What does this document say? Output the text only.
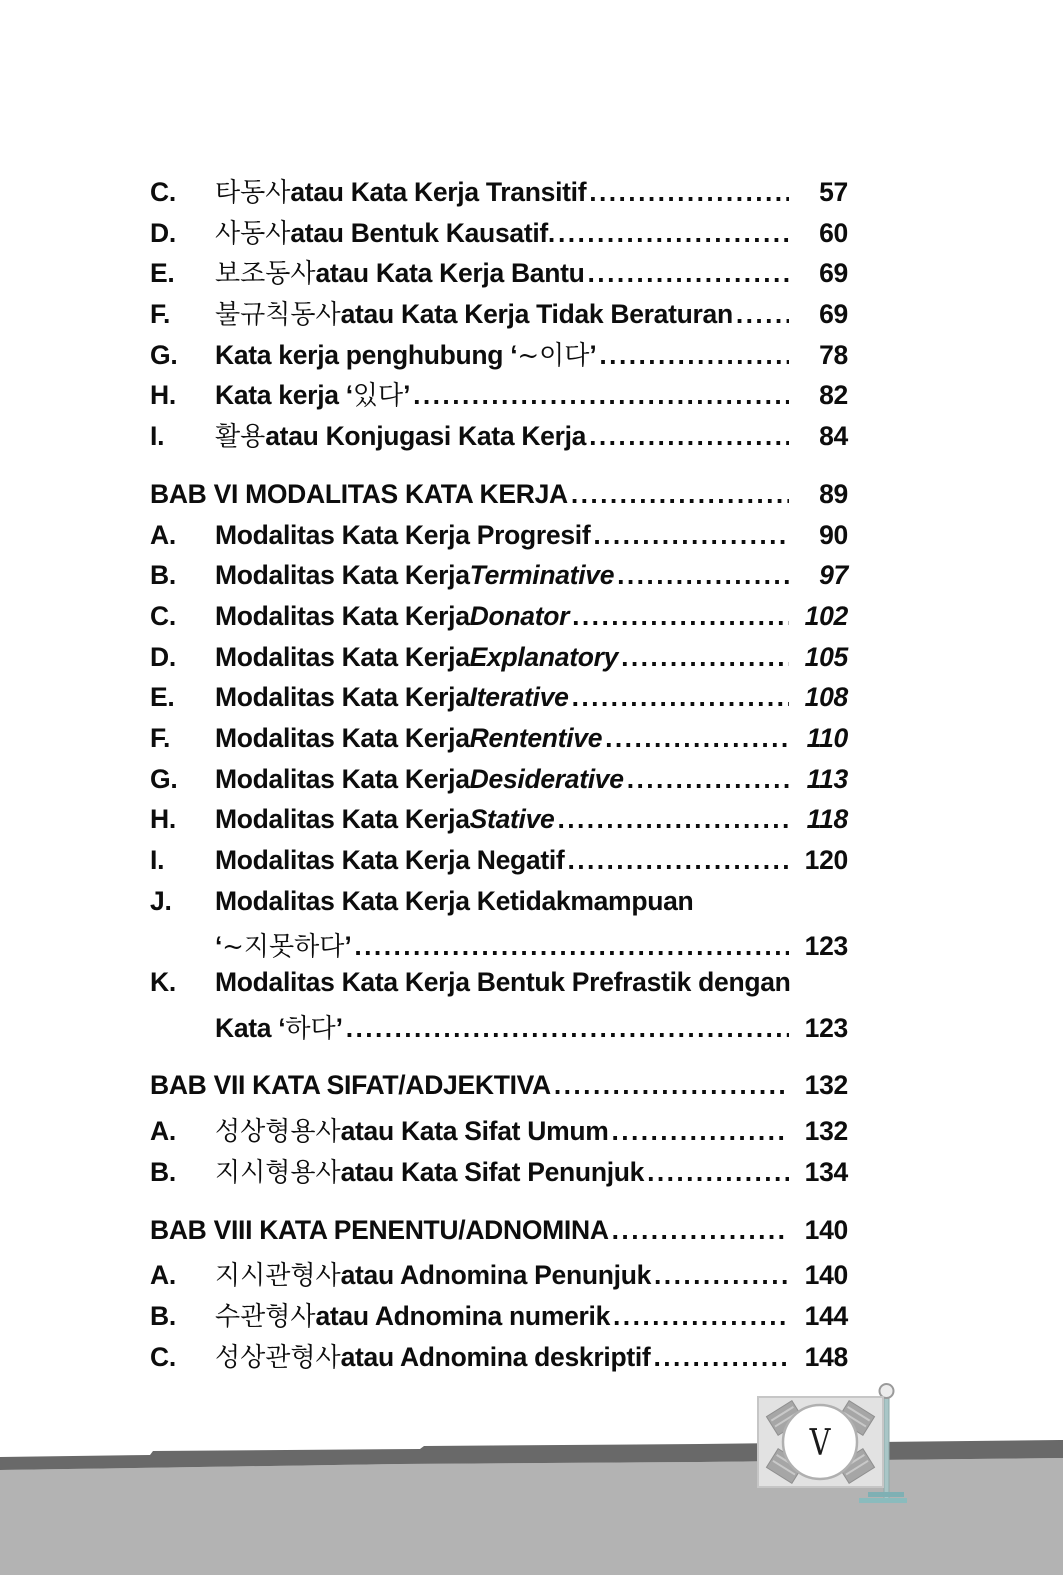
C.	타동사 atau Kata Kerja Transitif .....	57
D.	사동사 atau Bentuk Kausatif. .....	60
E.	보조동사 atau Kata Kerja Bantu .....	69
F.	불규칙동사 atau Kata Kerja Tidak Beraturan .....	69
G.	Kata kerja penghubung ‘ ~이다 ’ .....	78
H.	Kata kerja ‘ 있다 ’ .....	82
I.	활용 atau Konjugasi Kata Kerja .....	84
BAB VI MODALITAS KATA KERJA .....	89
A.	Modalitas Kata Kerja Progresif .....	90
B.	Modalitas Kata Kerja Terminative .....	97
C.	Modalitas Kata Kerja Donator .....	102
D.	Modalitas Kata Kerja Explanatory .....	105
E.	Modalitas Kata Kerja Iterative .....	108
F.	Modalitas Kata Kerja Rententive .....	110
G.	Modalitas Kata Kerja Desiderative .....	113
H.	Modalitas Kata Kerja Stative .....	118
I.	Modalitas Kata Kerja Negatif .....	120
J.	Modalitas Kata Kerja Ketidakmampuan
‘ ~지못하다 ’ .....	123
K.	Modalitas Kata Kerja Bentuk Prefrastik dengan
Kata ‘ 하다 ’ .....	123
BAB VII KATA SIFAT/ADJEKTIVA .....	132
A.	성상형용사 atau Kata Sifat Umum .....	132
B.	지시형용사 atau Kata Sifat Penunjuk .....	134
BAB VIII KATA PENENTU/ADNOMINA .....	140
A.	지시관형사 atau Adnomina Penunjuk .....	140
B.	수관형사 atau Adnomina numerik .....	144
C.	성상관형사 atau Adnomina deskriptif .....	148
V
